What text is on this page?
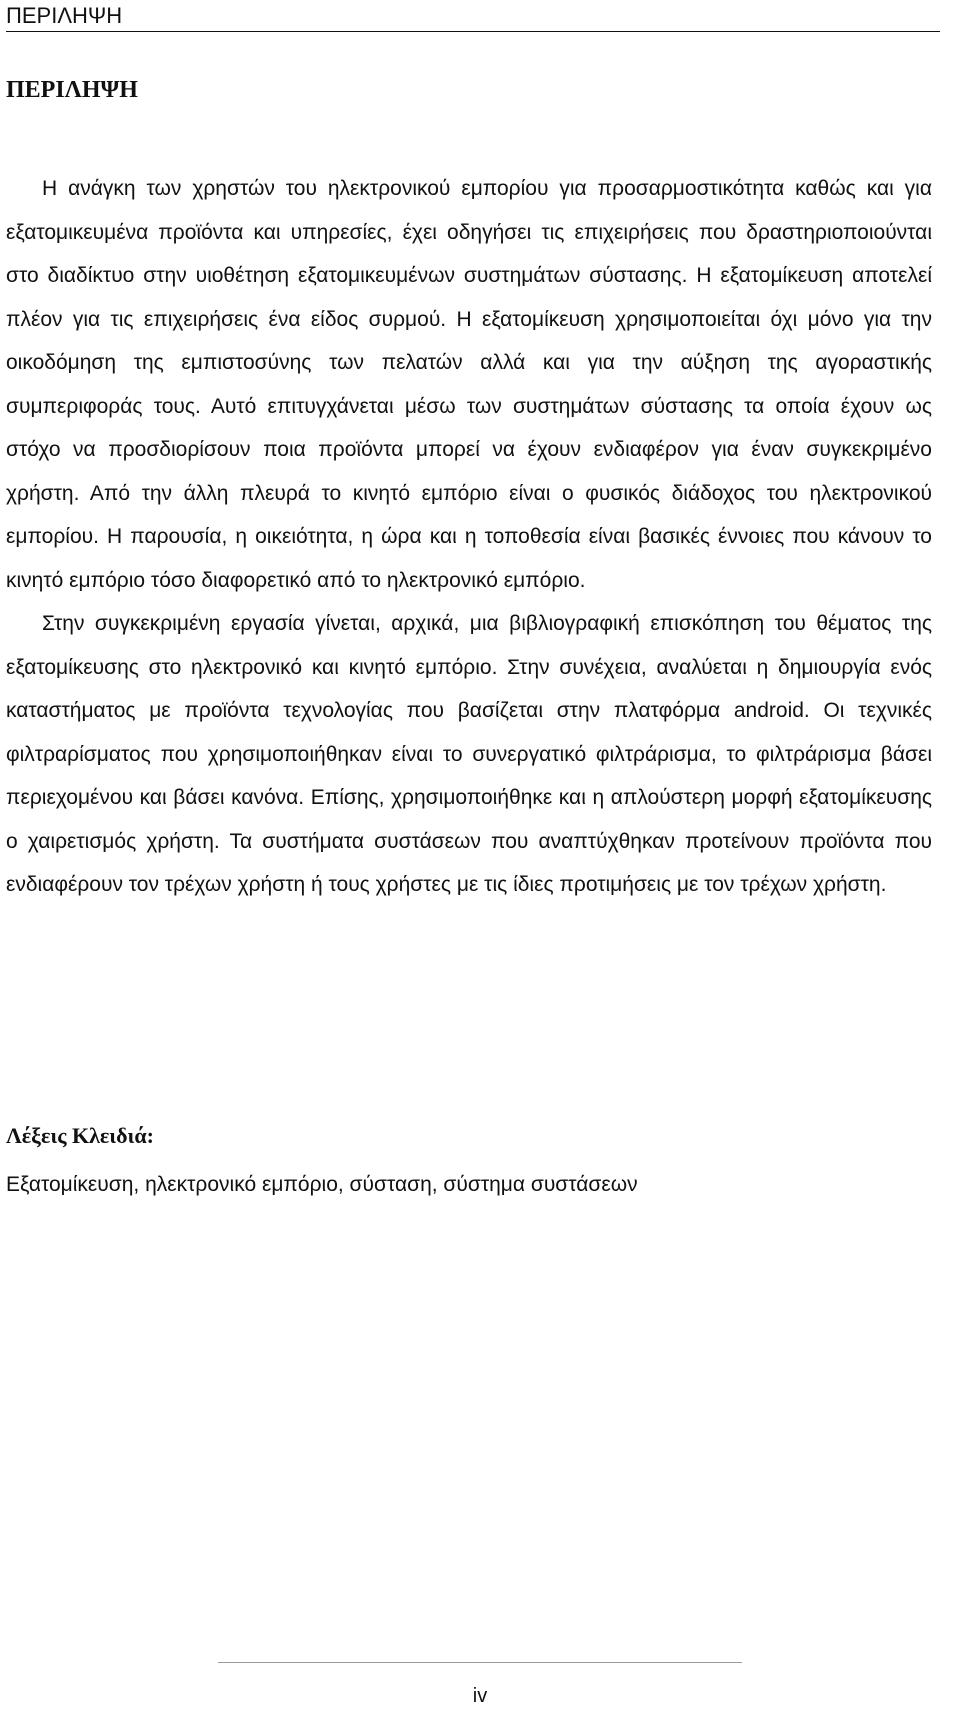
ΠΕΡΙΛΗΨΗ
ΠΕΡΙΛΗΨΗ

Η ανάγκη των χρηστών του ηλεκτρονικού εμπορίου για προσαρμοστικότητα καθώς και για εξατομικευμένα προϊόντα και υπηρεσίες, έχει οδηγήσει τις επιχειρήσεις που δραστηριοποιούνται στο διαδίκτυο στην υιοθέτηση εξατομικευμένων συστημάτων σύστασης. Η εξατομίκευση αποτελεί πλέον για τις επιχειρήσεις ένα είδος συρμού. Η εξατομίκευση χρησιμοποιείται όχι μόνο για την οικοδόμηση της εμπιστοσύνης των πελατών αλλά και για την αύξηση της αγοραστικής συμπεριφοράς τους. Αυτό επιτυγχάνεται μέσω των συστημάτων σύστασης τα οποία έχουν ως στόχο να προσδιορίσουν ποια προϊόντα μπορεί να έχουν ενδιαφέρον για έναν συγκεκριμένο χρήστη. Από την άλλη πλευρά το κινητό εμπόριο είναι ο φυσικός διάδοχος του ηλεκτρονικού εμπορίου. Η παρουσία, η οικειότητα, η ώρα και η τοποθεσία είναι βασικές έννοιες που κάνουν το κινητό εμπόριο τόσο διαφορετικό από το ηλεκτρονικό εμπόριο.

Στην συγκεκριμένη εργασία γίνεται, αρχικά, μια βιβλιογραφική επισκόπηση του θέματος της εξατομίκευσης στο ηλεκτρονικό και κινητό εμπόριο. Στην συνέχεια, αναλύεται η δημιουργία ενός καταστήματος με προϊόντα τεχνολογίας που βασίζεται στην πλατφόρμα android. Οι τεχνικές φιλτραρίσματος που χρησιμοποιήθηκαν είναι το συνεργατικό φιλτράρισμα, το φιλτράρισμα βάσει περιεχομένου και βάσει κανόνα. Επίσης, χρησιμοποιήθηκε και η απλούστερη μορφή εξατομίκευσης ο χαιρετισμός χρήστη. Τα συστήματα συστάσεων που αναπτύχθηκαν προτείνουν προϊόντα που ενδιαφέρουν τον τρέχων χρήστη ή τους χρήστες με τις ίδιες προτιμήσεις με τον τρέχων χρήστη.

Λέξεις Κλειδιά:

Εξατομίκευση, ηλεκτρονικό εμπόριο, σύσταση, σύστημα συστάσεων

iv
